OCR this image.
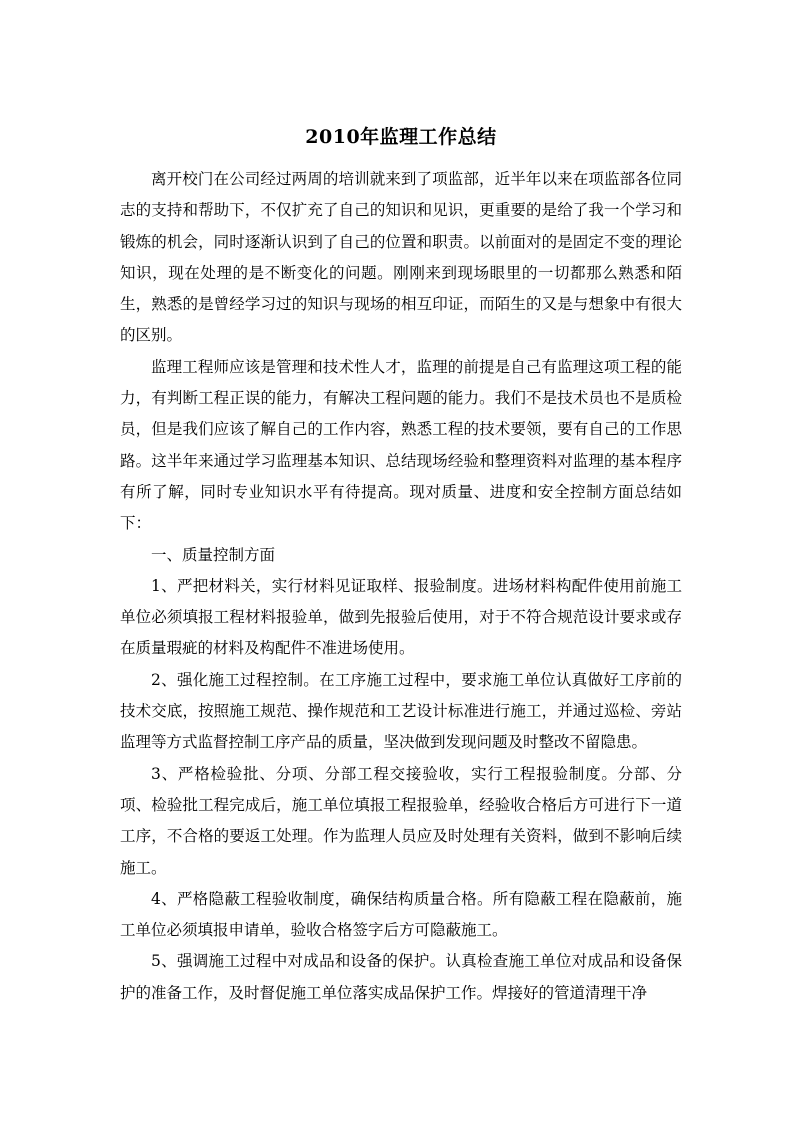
2010年监理工作总结

离开校门在公司经过两周的培训就来到了项监部，近半年以来在项监部各位同志的支持和帮助下，不仅扩充了自己的知识和见识，更重要的是给了我一个学习和锻炼的机会，同时逐渐认识到了自己的位置和职责。以前面对的是固定不变的理论知识，现在处理的是不断变化的问题。刚刚来到现场眼里的一切都那么熟悉和陌生，熟悉的是曾经学习过的知识与现场的相互印证，而陌生的又是与想象中有很大的区别。

监理工程师应该是管理和技术性人才，监理的前提是自己有监理这项工程的能力，有判断工程正误的能力，有解决工程问题的能力。我们不是技术员也不是质检员，但是我们应该了解自己的工作内容，熟悉工程的技术要领，要有自己的工作思路。这半年来通过学习监理基本知识、总结现场经验和整理资料对监理的基本程序有所了解，同时专业知识水平有待提高。现对质量、进度和安全控制方面总结如下：

一、质量控制方面

1、严把材料关，实行材料见证取样、报验制度。进场材料构配件使用前施工单位必须填报工程材料报验单，做到先报验后使用，对于不符合规范设计要求或存在质量瑕疵的材料及构配件不准进场使用。

2、强化施工过程控制。在工序施工过程中，要求施工单位认真做好工序前的技术交底，按照施工规范、操作规范和工艺设计标准进行施工，并通过巡检、旁站监理等方式监督控制工序产品的质量，坚决做到发现问题及时整改不留隐患。

3、严格检验批、分项、分部工程交接验收，实行工程报验制度。分部、分项、检验批工程完成后，施工单位填报工程报验单，经验收合格后方可进行下一道工序，不合格的要返工处理。作为监理人员应及时处理有关资料，做到不影响后续施工。

4、严格隐蔽工程验收制度，确保结构质量合格。所有隐蔽工程在隐蔽前，施工单位必须填报申请单，验收合格签字后方可隐蔽施工。

5、强调施工过程中对成品和设备的保护。认真检查施工单位对成品和设备保护的准备工作，及时督促施工单位落实成品保护工作。焊接好的管道清理干净
